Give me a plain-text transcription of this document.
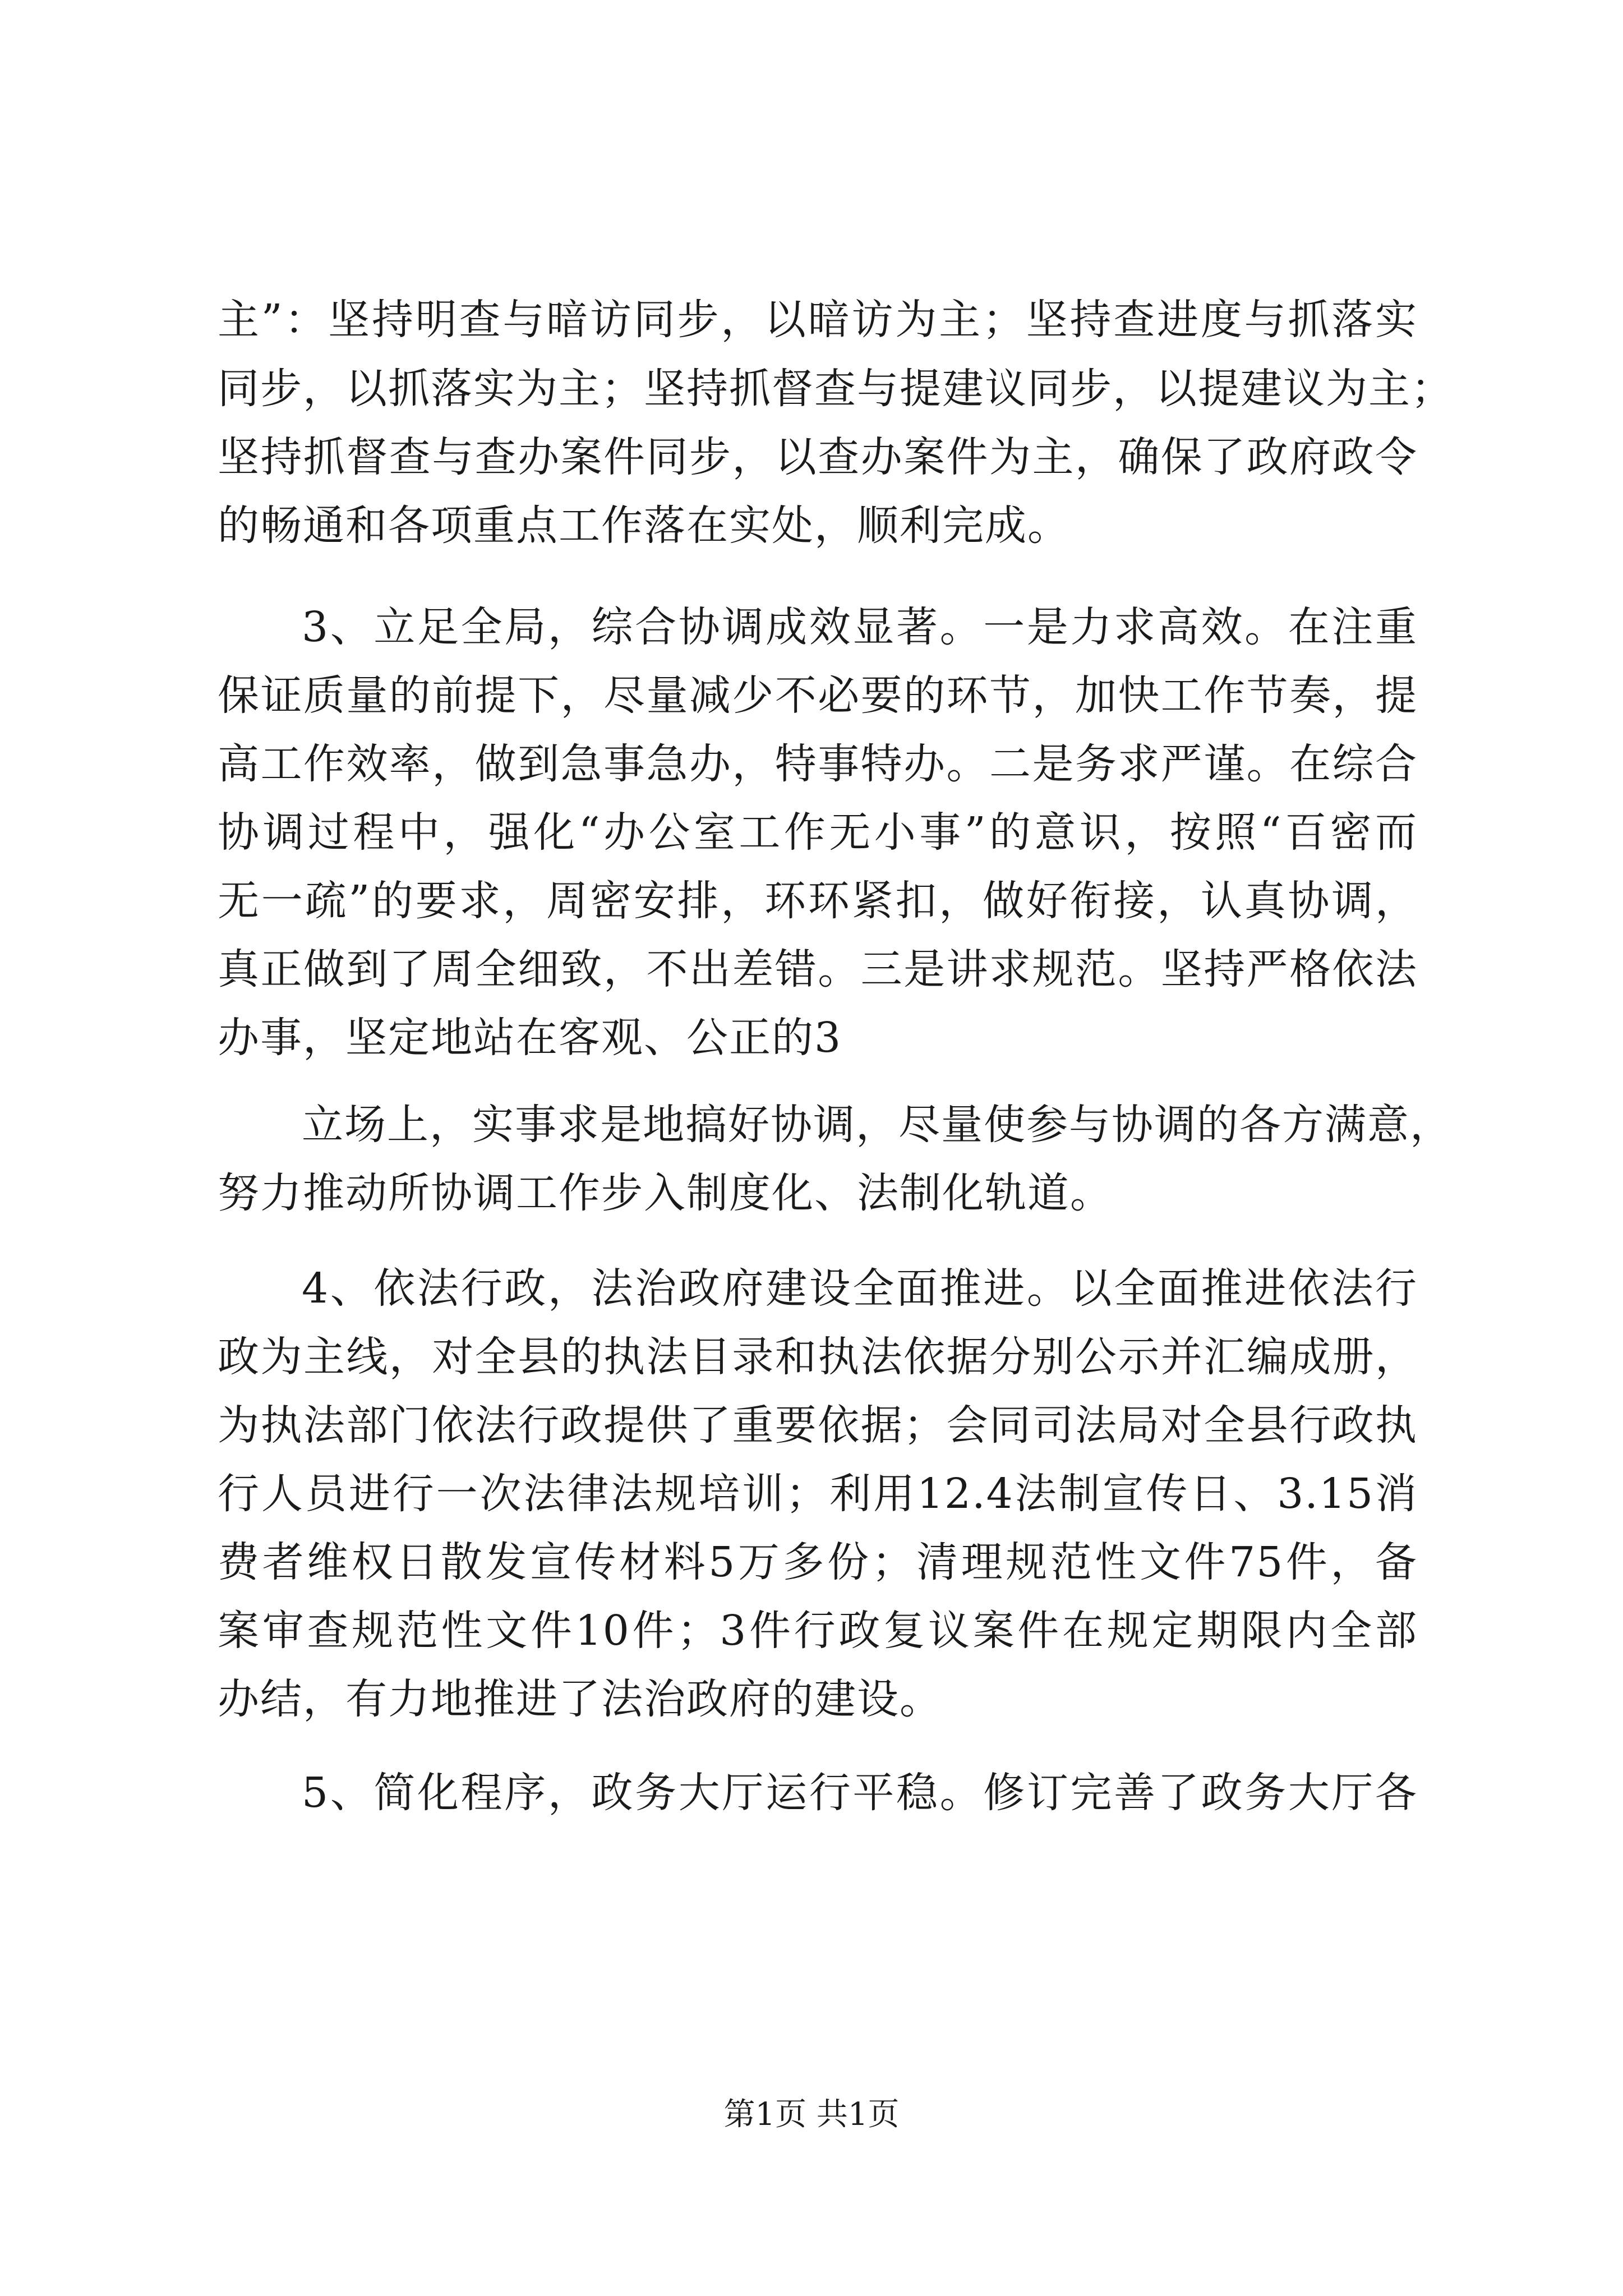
主”：坚持明查与暗访同步，以暗访为主；坚持查进度与抓落实
同步，以抓落实为主；坚持抓督查与提建议同步，以提建议为主；
坚持抓督查与查办案件同步，以查办案件为主，确保了政府政令
的畅通和各项重点工作落在实处，顺利完成。
3、立足全局，综合协调成效显著。一是力求高效。在注重
保证质量的前提下，尽量减少不必要的环节，加快工作节奏，提
高工作效率，做到急事急办，特事特办。二是务求严谨。在综合
协调过程中，强化“办公室工作无小事”的意识，按照“百密而
无一疏”的要求，周密安排，环环紧扣，做好衔接，认真协调，
真正做到了周全细致，不出差错。三是讲求规范。坚持严格依法
办事，坚定地站在客观、公正的3
立场上，实事求是地搞好协调，尽量使参与协调的各方满意，
努力推动所协调工作步入制度化、法制化轨道。
4、依法行政，法治政府建设全面推进。以全面推进依法行
政为主线，对全县的执法目录和执法依据分别公示并汇编成册，
为执法部门依法行政提供了重要依据；会同司法局对全县行政执
行人员进行一次法律法规培训；利用12.4法制宣传日、3.15消
费者维权日散发宣传材料5万多份；清理规范性文件75件，备
案审查规范性文件10件；3件行政复议案件在规定期限内全部
办结，有力地推进了法治政府的建设。
5、简化程序，政务大厅运行平稳。修订完善了政务大厅各
第1页 共1页
